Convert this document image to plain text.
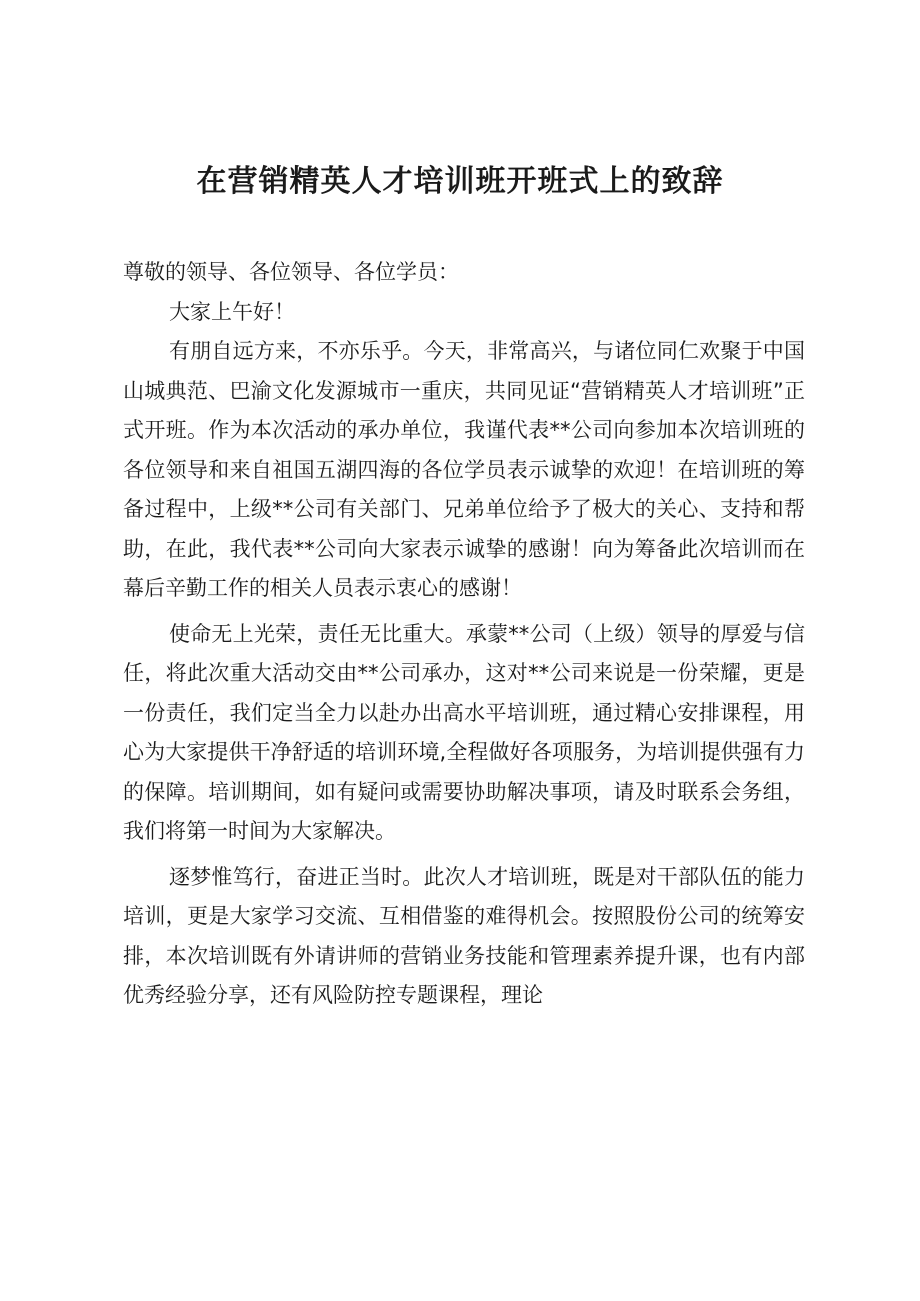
在营销精英人才培训班开班式上的致辞

尊敬的领导、各位领导、各位学员：

大家上午好！

有朋自远方来，不亦乐乎。今天，非常高兴，与诸位同仁欢聚于中国山城典范、巴渝文化发源城市一重庆，共同见证“营销精英人才培训班”正式开班。作为本次活动的承办单位，我谨代表**公司向参加本次培训班的各位领导和来自祖国五湖四海的各位学员表示诚挚的欢迎！在培训班的筹备过程中，上级**公司有关部门、兄弟单位给予了极大的关心、支持和帮助，在此，我代表**公司向大家表示诚挚的感谢！向为筹备此次培训而在幕后辛勤工作的相关人员表示衷心的感谢！

使命无上光荣，责任无比重大。承蒙**公司（上级）领导的厚爱与信任，将此次重大活动交由**公司承办，这对**公司来说是一份荣耀，更是一份责任，我们定当全力以赴办出高水平培训班，通过精心安排课程，用心为大家提供干净舒适的培训环境,全程做好各项服务，为培训提供强有力的保障。培训期间，如有疑问或需要协助解决事项，请及时联系会务组，我们将第一时间为大家解决。

逐梦惟笃行，奋进正当时。此次人才培训班，既是对干部队伍的能力培训，更是大家学习交流、互相借鉴的难得机会。按照股份公司的统筹安排，本次培训既有外请讲师的营销业务技能和管理素养提升课，也有内部优秀经验分享，还有风险防控专题课程，理论
